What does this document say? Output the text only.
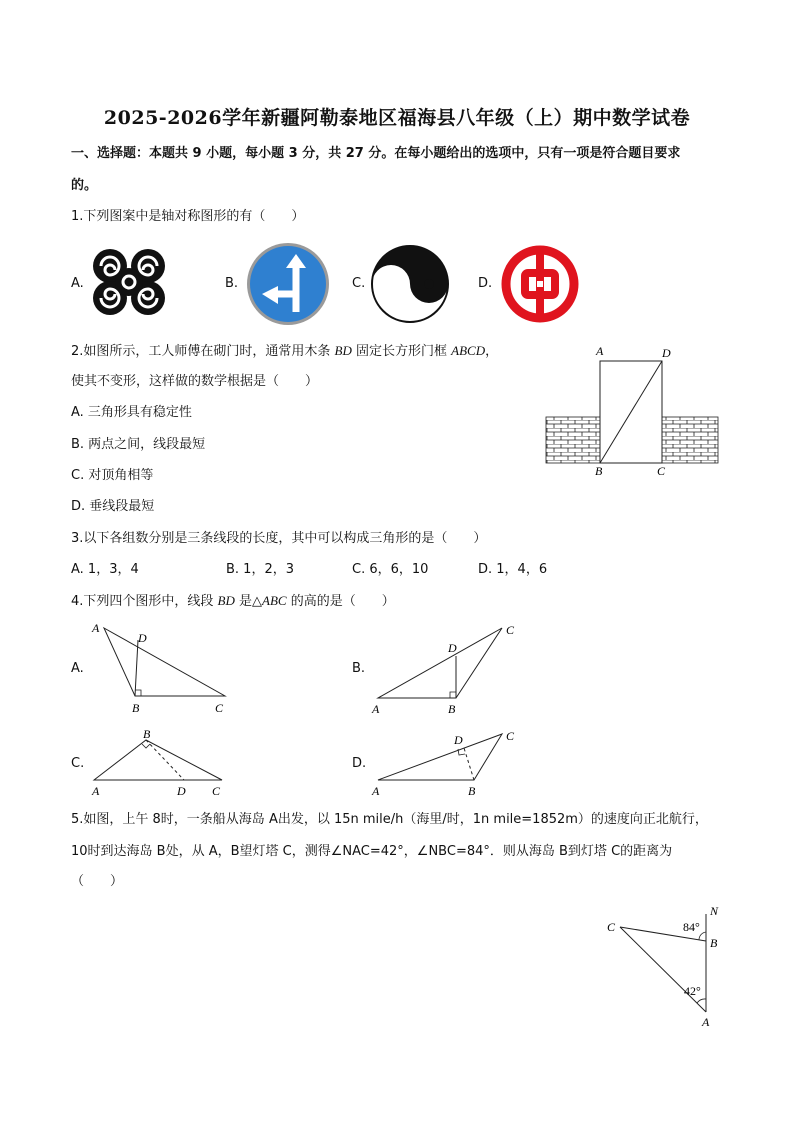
2025-2026学年新疆阿勒泰地区福海县八年级（上）期中数学试卷
一、选择题：本题共 9 小题，每小题 3 分，共 27 分。在每小题给出的选项中，只有一项是符合题目要求
的。
1.下列图案中是轴对称图形的有（　　）
A.	B.	C.	D.
2.如图所示，工人师傅在砌门时，通常用木条 BD 固定长方形门框 ABCD，
使其不变形，这样做的数学根据是（　　）
A. 三角形具有稳定性
B. 两点之间，线段最短
C. 对顶角相等
D. 垂线段最短
A	D
B	C
3.以下各组数分别是三条线段的长度，其中可以构成三角形的是（　　）
A. 1，3，4	B. 1，2，3	C. 6，6，10	D. 1，4，6
4.下列四个图形中，线段 BD 是△ABC 的高的是（　　）
A.
A
D
B	C
B.
A
D
B
C
C.
A
B
D C
D.
A
D
B
C
5.如图，上午 8时，一条船从海岛 A出发，以 15n mile/h（海里/时，1n mile=1852m）的速度向正北航行，
10时到达海岛 B处，从 A，B望灯塔 C，测得∠NAC=42°，∠NBC=84°．则从海岛 B到灯塔 C的距离为
（　　）
N
C
B
A
84°
42°
